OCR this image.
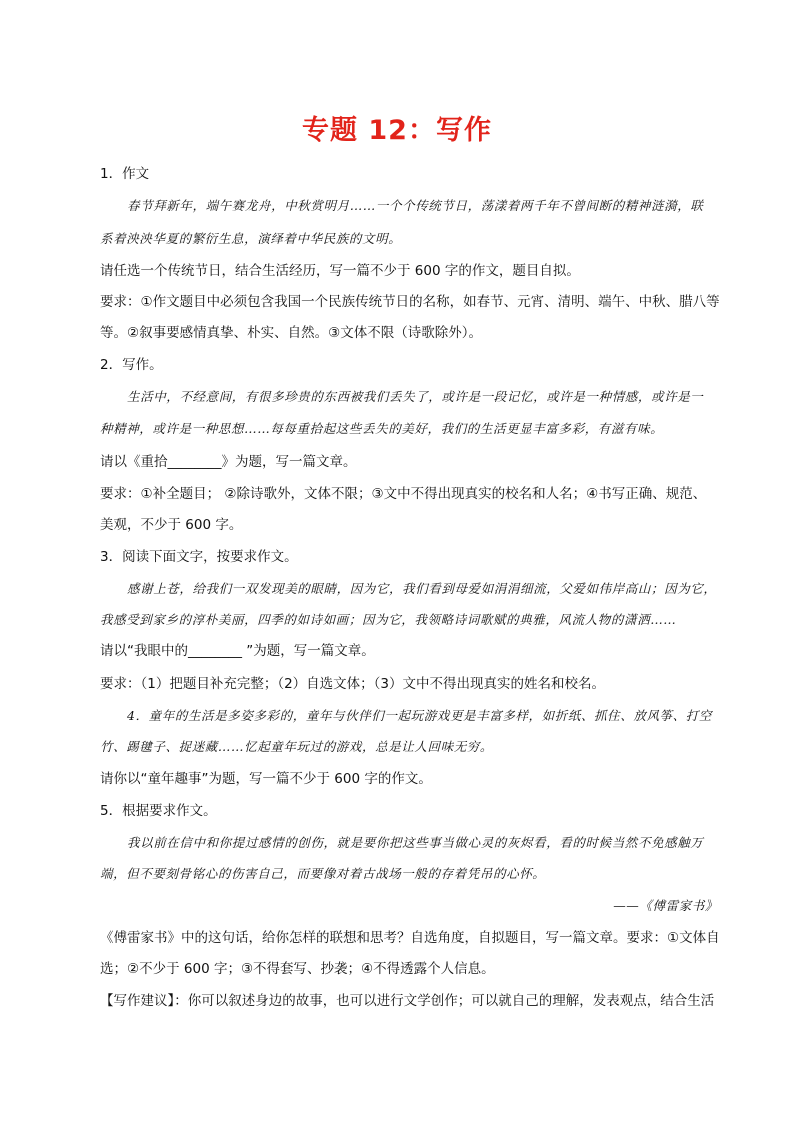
专题 12：写作
1．作文
春节拜新年，端午赛龙舟，中秋赏明月……一个个传统节日，荡漾着两千年不曾间断的精神涟漪，联
系着泱泱华夏的繁衍生息，演绎着中华民族的文明。
请任选一个传统节日，结合生活经历，写一篇不少于 600 字的作文，题目自拟。
要求：①作文题目中必须包含我国一个民族传统节日的名称，如春节、元宵、清明、端午、中秋、腊八等
等。②叙事要感情真挚、朴实、自然。③文体不限（诗歌除外）。
2．写作。
生活中，不经意间，有很多珍贵的东西被我们丢失了，或许是一段记忆，或许是一种情感，或许是一
种精神，或许是一种思想……每每重拾起这些丢失的美好，我们的生活更显丰富多彩，有滋有味。
请以《重拾________》为题，写一篇文章。
要求：①补全题目； ②除诗歌外，文体不限；③文中不得出现真实的校名和人名；④书写正确、规范、
美观，不少于 600 字。
3．阅读下面文字，按要求作文。
感谢上苍，给我们一双发现美的眼睛，因为它，我们看到母爱如涓涓细流，父爱如伟岸高山；因为它，
我感受到家乡的淳朴美丽，四季的如诗如画；因为它，我领略诗词歌赋的典雅，风流人物的潇洒……
请以“我眼中的________ ”为题，写一篇文章。
要求：（1）把题目补充完整；（2）自选文体；（3）文中不得出现真实的姓名和校名。
4．童年的生活是多姿多彩的，童年与伙伴们一起玩游戏更是丰富多样，如折纸、抓住、放风筝、打空
竹、踢毽子、捉迷藏……忆起童年玩过的游戏，总是让人回味无穷。
请你以“童年趣事”为题，写一篇不少于 600 字的作文。
5．根据要求作文。
我以前在信中和你提过感情的创伤，就是要你把这些事当做心灵的灰烬看，看的时候当然不免感触万
端，但不要刻骨铭心的伤害自己，而要像对着古战场一般的存着凭吊的心怀。
——《傅雷家书》
《傅雷家书》中的这句话，给你怎样的联想和思考？自选角度，自拟题目，写一篇文章。要求：①文体自
选；②不少于 600 字；③不得套写、抄袭；④不得透露个人信息。
【写作建议】：你可以叙述身边的故事，也可以进行文学创作；可以就自己的理解，发表观点，结合生活
